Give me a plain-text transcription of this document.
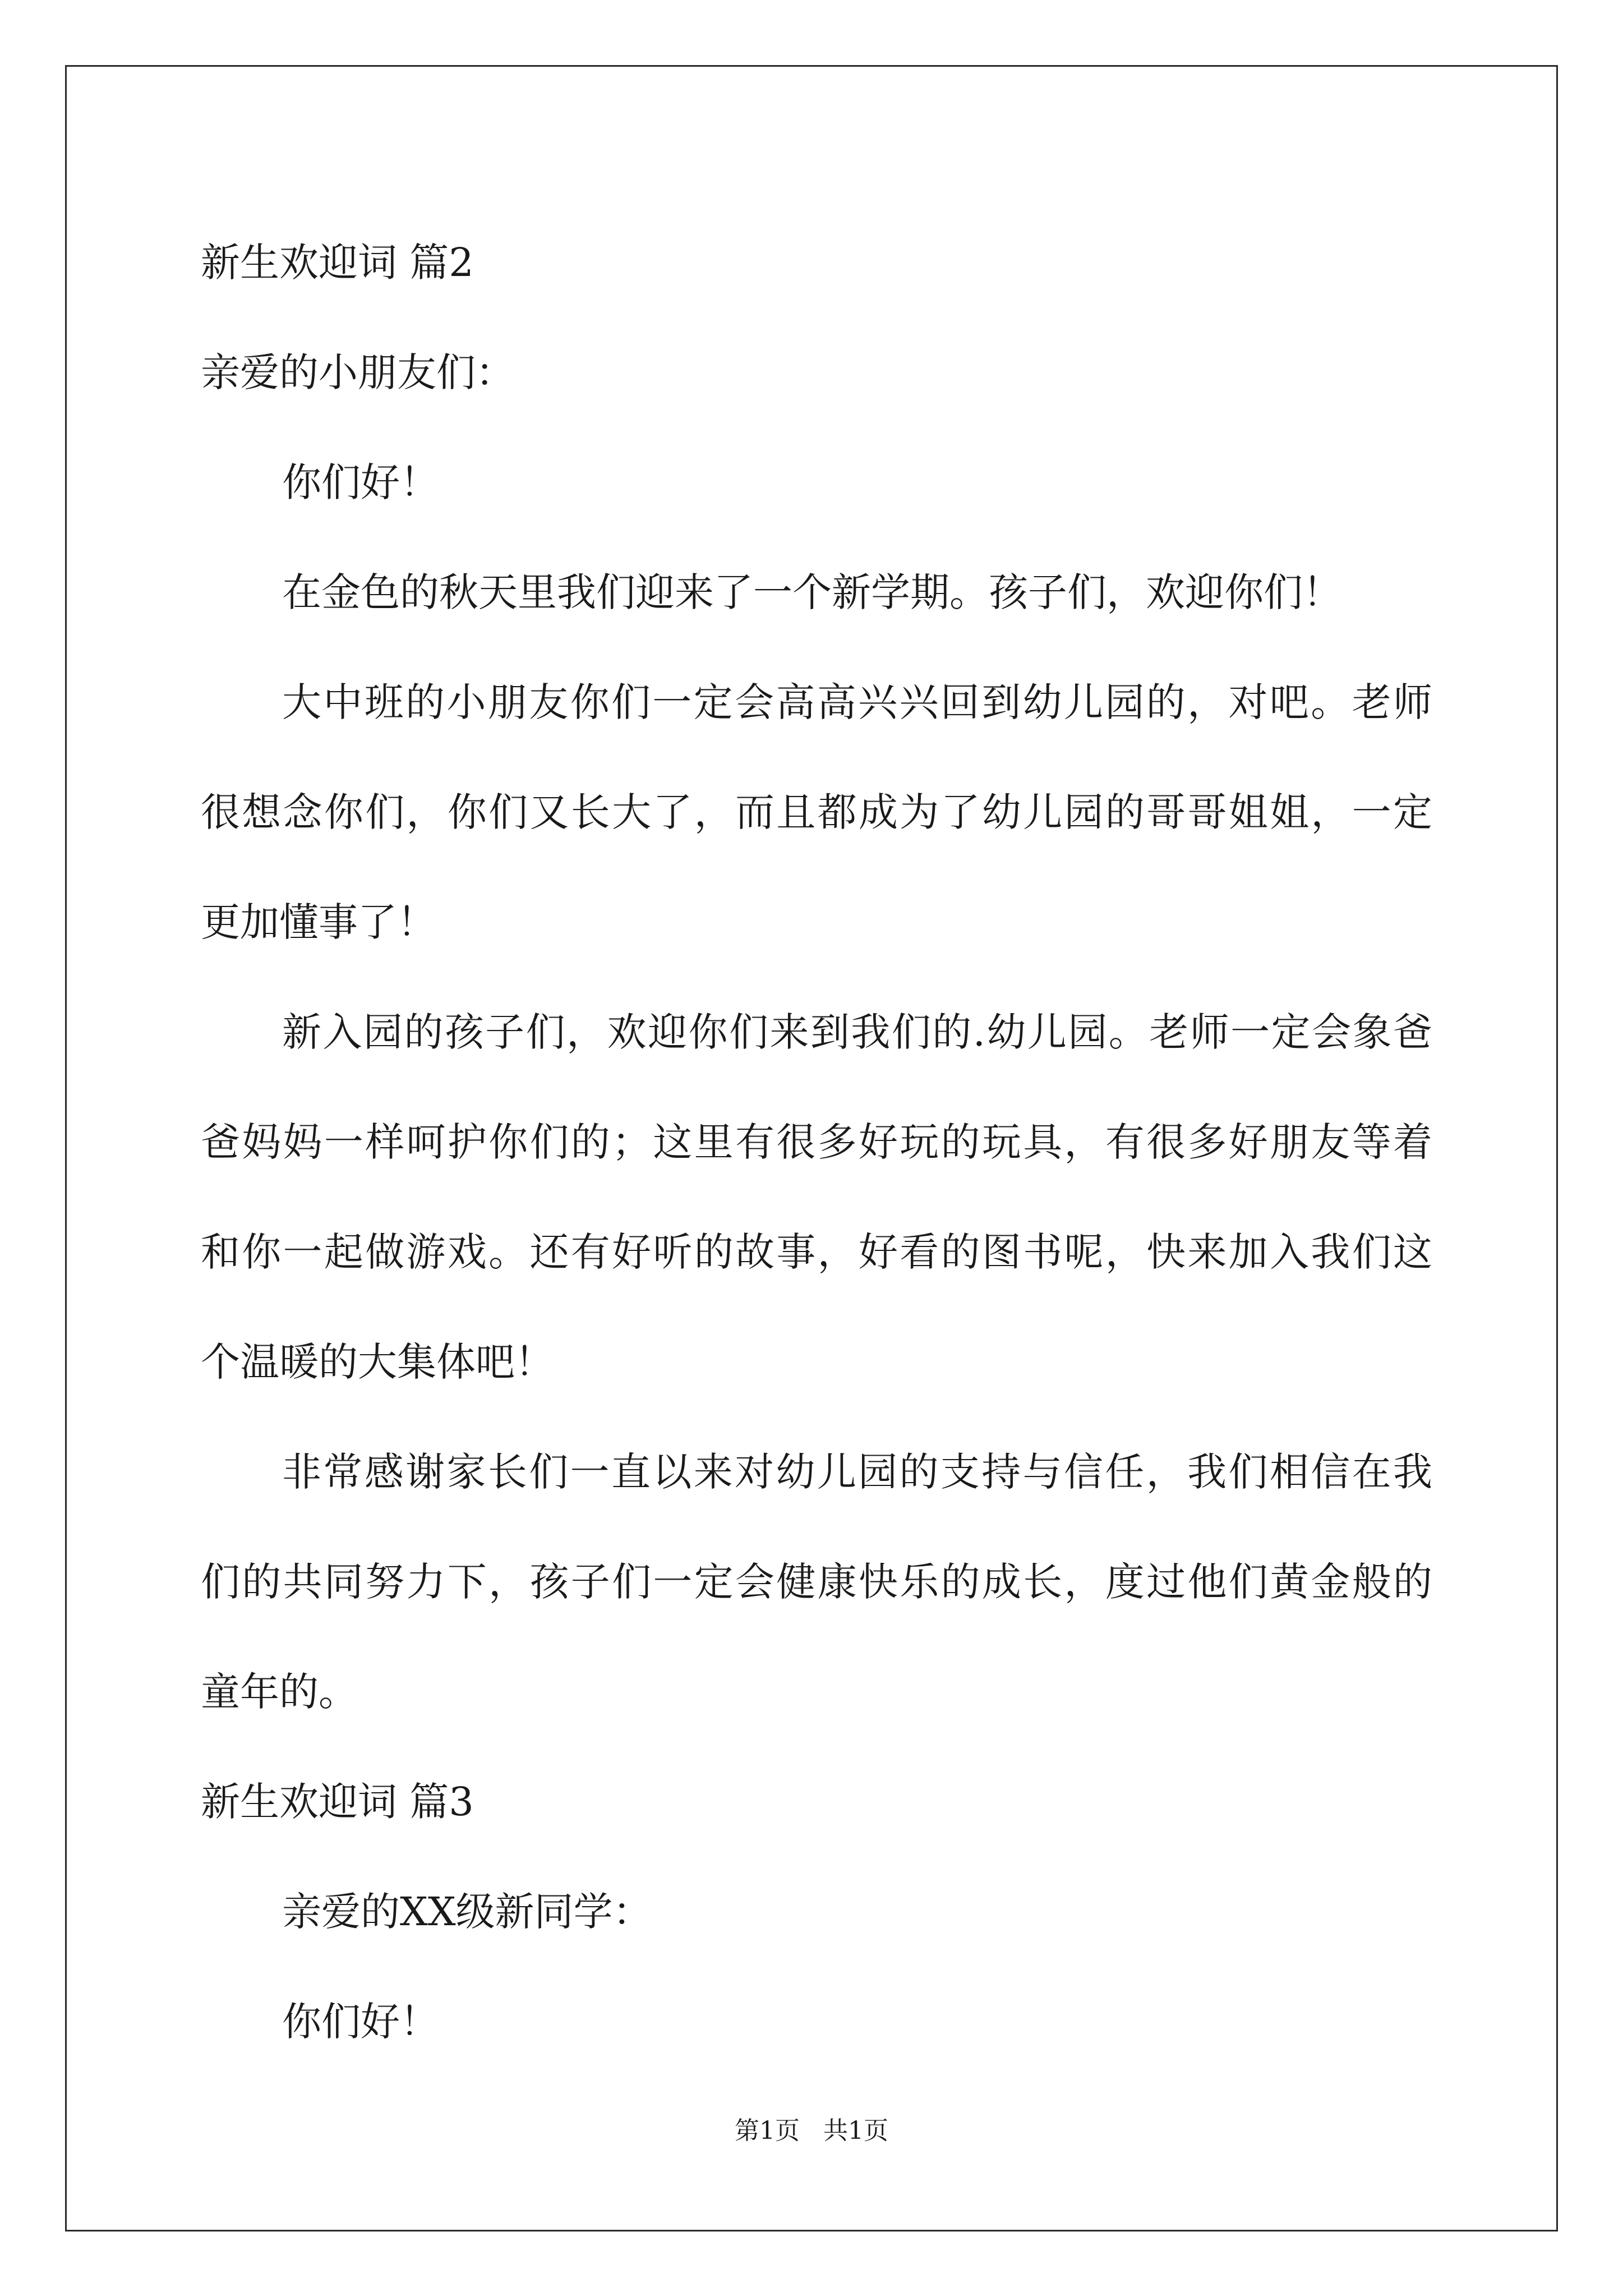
新生欢迎词 篇2
亲爱的小朋友们：
你们好！
在金色的秋天里我们迎来了一个新学期。孩子们，欢迎你们！
大中班的小朋友你们一定会高高兴兴回到幼儿园的，对吧。老师
很想念你们，你们又长大了，而且都成为了幼儿园的哥哥姐姐，一定
更加懂事了！
新入园的孩子们，欢迎你们来到我们的.幼儿园。老师一定会象爸
爸妈妈一样呵护你们的；这里有很多好玩的玩具，有很多好朋友等着
和你一起做游戏。还有好听的故事，好看的图书呢，快来加入我们这
个温暖的大集体吧！
非常感谢家长们一直以来对幼儿园的支持与信任，我们相信在我
们的共同努力下，孩子们一定会健康快乐的成长，度过他们黄金般的
童年的。
新生欢迎词 篇3
亲爱的XX级新同学：
你们好！
第1页   共1页
